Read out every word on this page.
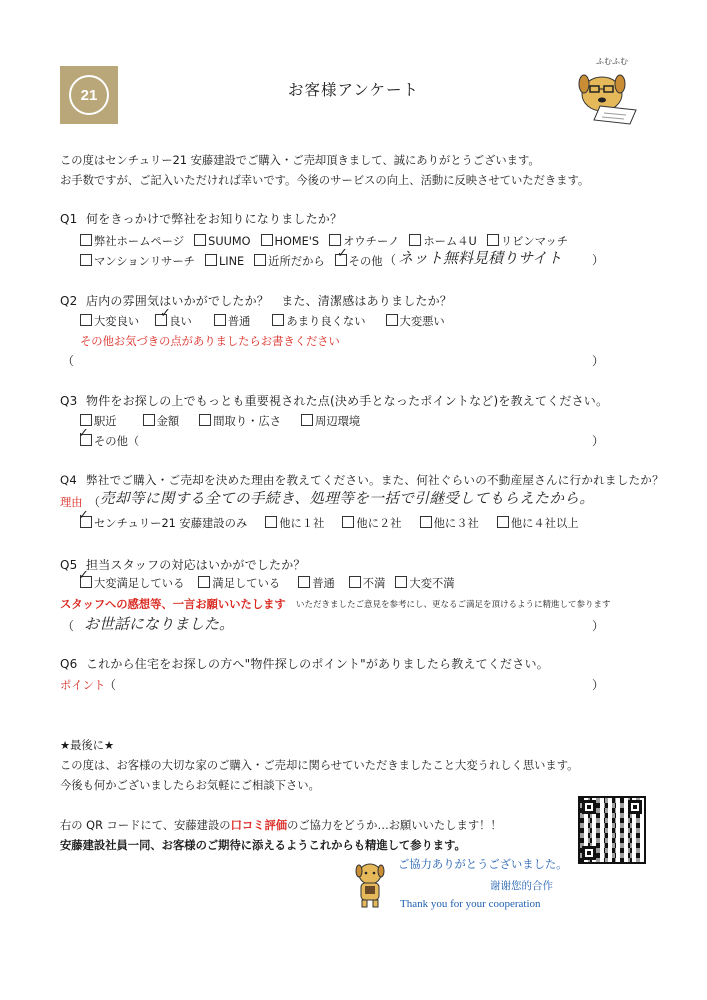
21	お客様アンケート
ふむふむ
この度はセンチュリー21 安藤建設でご購入・ご売却頂きまして、誠にありがとうございます。
お手数ですが、ご記入いただければ幸いです。今後のサービスの向上、活動に反映させていただきます。
Q1 何をきっかけで弊社をお知りになりましたか？
弊社ホームページ SUUMO HOME'S オウチーノ ホーム４U リビンマッチ
マンションリサーチ LINE 近所だから その他
✓	（ ネット無料見積りサイト	）
Q2 店内の雰囲気はいかがでしたか？　また、清潔感はありましたか？
大変良い	良い	普通	あまり良くない	大変悪い
✓
その他お気づきの点がありましたらお書きください
（	）
Q3 物件をお探しの上でもっとも重要視された点(決め手となったポイントなど)を教えてください。
駅近	金額	間取り・広さ	周辺環境
その他（
✓	）
Q4 弊社でご購入・ご売却を決めた理由を教えてください。また、何社ぐらいの不動産屋さんに行かれましたか？
理由 （ 売却等に関する全ての手続き、処理等を一括で引継受してもらえたから。
センチュリー21 安藤建設のみ	他に１社	他に２社	他に３社	他に４社以上
✓
Q5 担当スタッフの対応はいかがでしたか？
大変満足している 満足している	普通 不満 大変不満
✓
スタッフへの感想等、一言お願いいたします いただきましたご意見を参考にし、更なるご満足を頂けるように精進して参ります
（ お世話になりました。	）
Q6 これから住宅をお探しの方へ"物件探しのポイント"がありましたら教えてください。
ポイント
（	）
★最後に★
この度は、お客様の大切な家のご購入・ご売却に関らせていただきましたこと大変うれしく思います。
今後も何かございましたらお気軽にご相談下さい。
右の QR コードにて、安藤建設の口コミ評価のご協力をどうか…お願いいたします！！
安藤建設社員一同、お客様のご期待に添えるようこれからも精進して参ります。
ご協力ありがとうございました。
谢谢您的合作
Thank you for your cooperation
